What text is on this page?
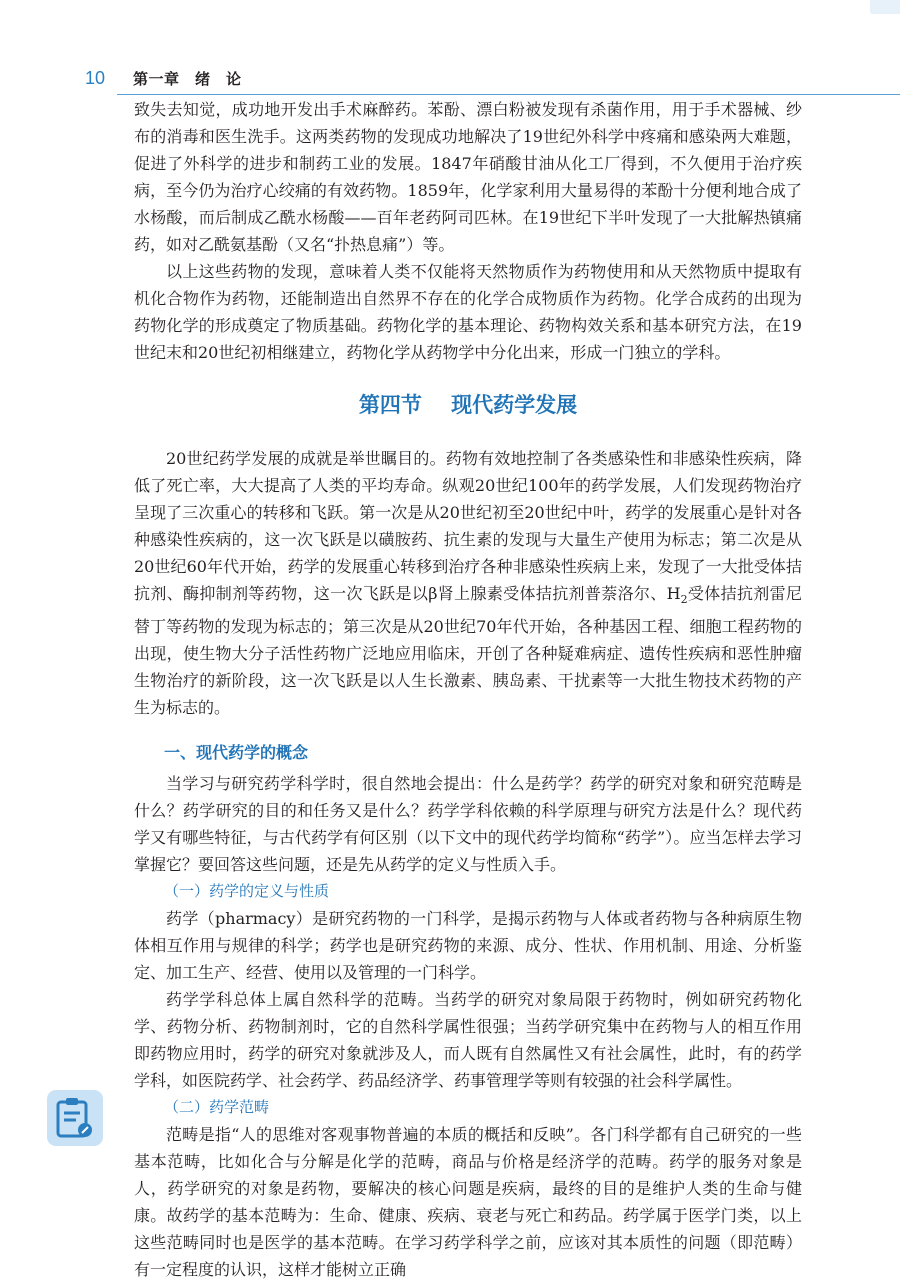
10 第一章　绪　论

致失去知觉，成功地开发出手术麻醉药。苯酚、漂白粉被发现有杀菌作用，用于手术器械、纱布的消毒和医生洗手。这两类药物的发现成功地解决了19世纪外科学中疼痛和感染两大难题，促进了外科学的进步和制药工业的发展。1847年硝酸甘油从化工厂得到，不久便用于治疗疾病，至今仍为治疗心绞痛的有效药物。1859年，化学家利用大量易得的苯酚十分便利地合成了水杨酸，而后制成乙酰水杨酸——百年老药阿司匹林。在19世纪下半叶发现了一大批解热镇痛药，如对乙酰氨基酚（又名“扑热息痛”）等。

以上这些药物的发现，意味着人类不仅能将天然物质作为药物使用和从天然物质中提取有机化合物作为药物，还能制造出自然界不存在的化学合成物质作为药物。化学合成药的出现为药物化学的形成奠定了物质基础。药物化学的基本理论、药物构效关系和基本研究方法，在19世纪末和20世纪初相继建立，药物化学从药物学中分化出来，形成一门独立的学科。

第四节 现代药学发展

20世纪药学发展的成就是举世瞩目的。药物有效地控制了各类感染性和非感染性疾病，降低了死亡率，大大提高了人类的平均寿命。纵观20世纪100年的药学发展，人们发现药物治疗呈现了三次重心的转移和飞跃。第一次是从20世纪初至20世纪中叶，药学的发展重心是针对各种感染性疾病的，这一次飞跃是以磺胺药、抗生素的发现与大量生产使用为标志；第二次是从20世纪60年代开始，药学的发展重心转移到治疗各种非感染性疾病上来，发现了一大批受体拮抗剂、酶抑制剂等药物，这一次飞跃是以β肾上腺素受体拮抗剂普萘洛尔、$H_2$受体拮抗剂雷尼替丁等药物的发现为标志的；第三次是从20世纪70年代开始，各种基因工程、细胞工程药物的出现，使生物大分子活性药物广泛地应用临床，开创了各种疑难病症、遗传性疾病和恶性肿瘤生物治疗的新阶段，这一次飞跃是以人生长激素、胰岛素、干扰素等一大批生物技术药物的产生为标志的。

一、现代药学的概念

当学习与研究药学科学时，很自然地会提出：什么是药学？药学的研究对象和研究范畴是什么？药学研究的目的和任务又是什么？药学学科依赖的科学原理与研究方法是什么？现代药学又有哪些特征，与古代药学有何区别（以下文中的现代药学均简称“药学”）。应当怎样去学习掌握它？要回答这些问题，还是先从药学的定义与性质入手。

（一）药学的定义与性质

药学（pharmacy）是研究药物的一门科学，是揭示药物与人体或者药物与各种病原生物体相互作用与规律的科学；药学也是研究药物的来源、成分、性状、作用机制、用途、分析鉴定、加工生产、经营、使用以及管理的一门科学。

药学学科总体上属自然科学的范畴。当药学的研究对象局限于药物时，例如研究药物化学、药物分析、药物制剂时，它的自然科学属性很强；当药学研究集中在药物与人的相互作用即药物应用时，药学的研究对象就涉及人，而人既有自然属性又有社会属性，此时，有的药学学科，如医院药学、社会药学、药品经济学、药事管理学等则有较强的社会科学属性。

（二）药学范畴

范畴是指“人的思维对客观事物普遍的本质的概括和反映”。各门科学都有自己研究的一些基本范畴，比如化合与分解是化学的范畴，商品与价格是经济学的范畴。药学的服务对象是人，药学研究的对象是药物，要解决的核心问题是疾病，最终的目的是维护人类的生命与健康。故药学的基本范畴为：生命、健康、疾病、衰老与死亡和药品。药学属于医学门类，以上这些范畴同时也是医学的基本范畴。在学习药学科学之前，应该对其本质性的问题（即范畴）有一定程度的认识，这样才能树立正确
